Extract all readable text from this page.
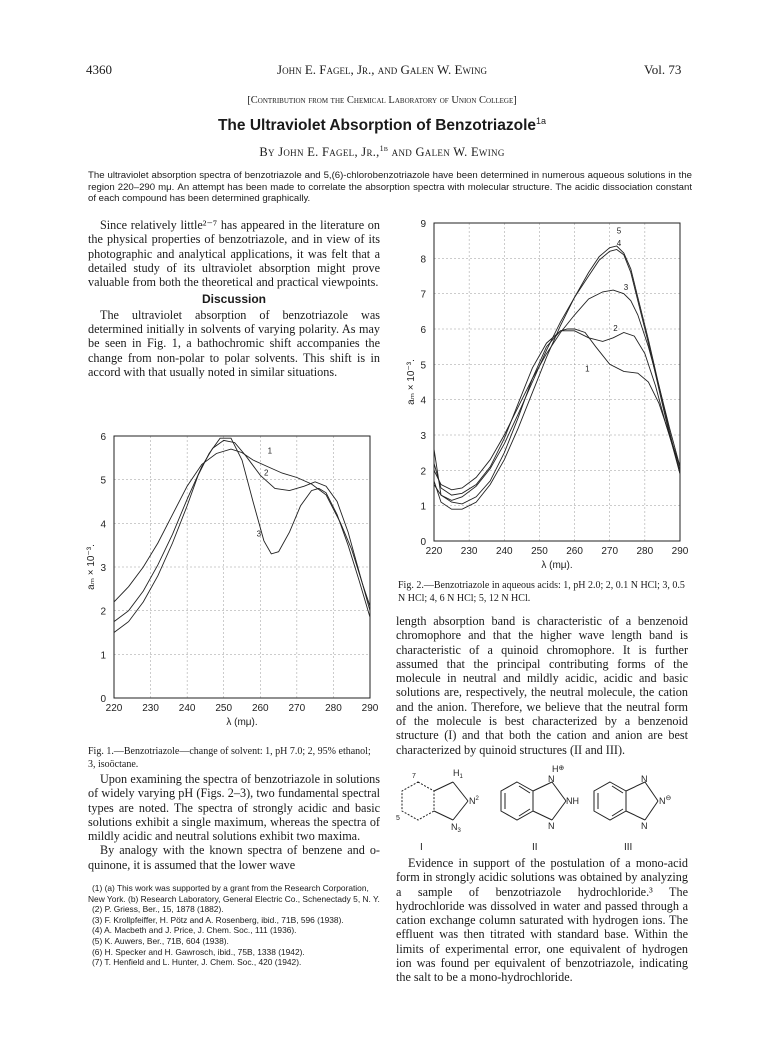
4360	John E. Fagel, Jr., and Galen W. Ewing	Vol. 73
[Contribution from the Chemical Laboratory of Union College]
The Ultraviolet Absorption of Benzotriazole$^{1a}$
By John E. Fagel, Jr.,$^{1b}$ and Galen W. Ewing
The ultraviolet absorption spectra of benzotriazole and 5,(6)-chlorobenzotriazole have been determined in numerous aqueous solutions in the region 220–290 mμ. An attempt has been made to correlate the absorption spectra with molecular structure. The acidic dissociation constant of each compound has been determined graphically.

Since relatively little²⁻⁷ has appeared in the literature on the physical properties of benzotriazole, and in view of its photographic and analytical applications, it was felt that a detailed study of its ultraviolet absorption might prove valuable from both the theoretical and practical viewpoints.

Discussion

The ultraviolet absorption of benzotriazole was determined initially in solvents of varying polarity. As may be seen in Fig. 1, a bathochromic shift accompanies the change from non-polar to polar solvents. This shift is in accord with that usually noted in similar situations.

220 230 240 250 260 270 280 290
0
1
2
3
4
5
6
1
2
3
λ (mμ).
aₘ × 10⁻³.
Fig. 1.—Benzotriazole—change of solvent: 1, pH 7.0; 2, 95% ethanol; 3, isoöctane.

Upon examining the spectra of benzotriazole in solutions of widely varying pH (Figs. 2–3), two fundamental spectral types are noted. The spectra of strongly acidic and basic solutions exhibit a single maximum, whereas the spectra of mildly acidic and neutral solutions exhibit two maxima.

By analogy with the known spectra of benzene and o-quinone, it is assumed that the lower wave

(1) (a) This work was supported by a grant from the Research Corporation, New York. (b) Research Laboratory, General Electric Co., Schenectady 5, N. Y.
(2) P. Griess, Ber., 15, 1878 (1882).
(3) F. Krollpfeiffer, H. Pötz and A. Rosenberg, ibid., 71B, 596 (1938).
(4) A. Macbeth and J. Price, J. Chem. Soc., 111 (1936).
(5) K. Auwers, Ber., 71B, 604 (1938).
(6) H. Specker and H. Gawrosch, ibid., 75B, 1338 (1942).
(7) T. Henfield and L. Hunter, J. Chem. Soc., 420 (1942).
220 230 240 250 260 270 280 290
0
1
2
3
4
5
6
7
8
9
1
2
3
4
5
λ (mμ).
aₘ × 10⁻³.
Fig. 2.—Benzotriazole in aqueous acids: 1, pH 2.0; 2, 0.1 N HCl; 3, 0.5 N HCl; 4, 6 N HCl; 5, 12 N HCl.

length absorption band is characteristic of a benzenoid chromophore and that the higher wave length band is characteristic of a quinoid chromophore. It is further assumed that the principal contributing forms of the molecule in neutral and mildly acidic, acidic and basic solutions are, respectively, the neutral molecule, the cation and the anion. Therefore, we believe that the neutral form of the molecule is best characterized by a benzenoid structure (I) and that both the cation and anion are best characterized by quinoid structures (II and III).

$H_1$
$N^2$
$N_3$
7
5
H⊕
N
NH
N
N
N⊖
N
I	II	III

Evidence in support of the postulation of a mono-acid form in strongly acidic solutions was obtained by analyzing a sample of benzotriazole hydrochloride.³ The hydrochloride was dissolved in water and passed through a cation exchange column saturated with hydrogen ions. The effluent was then titrated with standard base. Within the limits of experimental error, one equivalent of hydrogen ion was found per equivalent of benzotriazole, indicating the salt to be a mono-hydrochloride.
